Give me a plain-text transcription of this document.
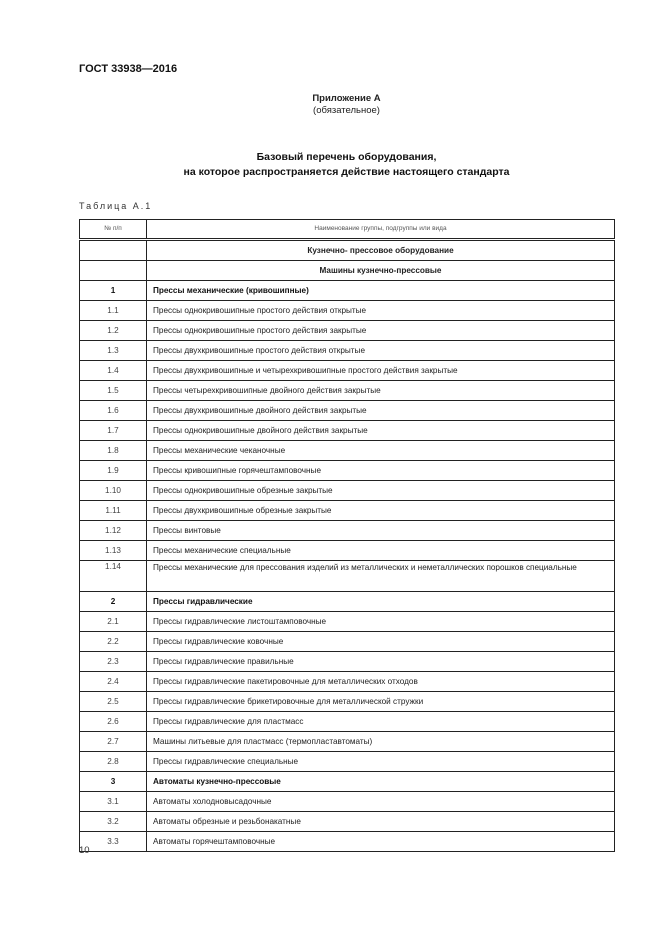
ГОСТ 33938—2016
Приложение А
(обязательное)
Базовый перечень оборудования,
на которое распространяется действие настоящего стандарта
Таблица А.1
№ п/п	Наименование группы, подгруппы или вида
	Кузнечно- прессовое оборудование
	Машины кузнечно-прессовые
1	Прессы механические (кривошипные)
1.1	Прессы однокривошипные простого действия открытые
1.2	Прессы однокривошипные простого действия закрытые
1.3	Прессы двухкривошипные простого действия открытые
1.4	Прессы двухкривошипные и четырехкривошипные простого действия закрытые
1.5	Прессы четырехкривошипные двойного действия закрытые
1.6	Прессы двухкривошипные двойного действия закрытые
1.7	Прессы однокривошипные двойного действия закрытые
1.8	Прессы механические чеканочные
1.9	Прессы кривошипные горячештамповочные
1.10	Прессы однокривошипные обрезные закрытые
1.11	Прессы двухкривошипные обрезные закрытые
1.12	Прессы винтовые
1.13	Прессы механические специальные
1.14	Прессы механические для прессования изделий из металлических и неметаллических порошков специальные
2	Прессы гидравлические
2.1	Прессы гидравлические листоштамповочные
2.2	Прессы гидравлические ковочные
2.3	Прессы гидравлические правильные
2.4	Прессы гидравлические пакетировочные для металлических отходов
2.5	Прессы гидравлические брикетировочные для металлической стружки
2.6	Прессы гидравлические для пластмасс
2.7	Машины литьевые для пластмасс (термопластавтоматы)
2.8	Прессы гидравлические специальные
3	Автоматы кузнечно-прессовые
3.1	Автоматы холодновысадочные
3.2	Автоматы обрезные и резьбонакатные
3.3	Автоматы горячештамповочные
10
